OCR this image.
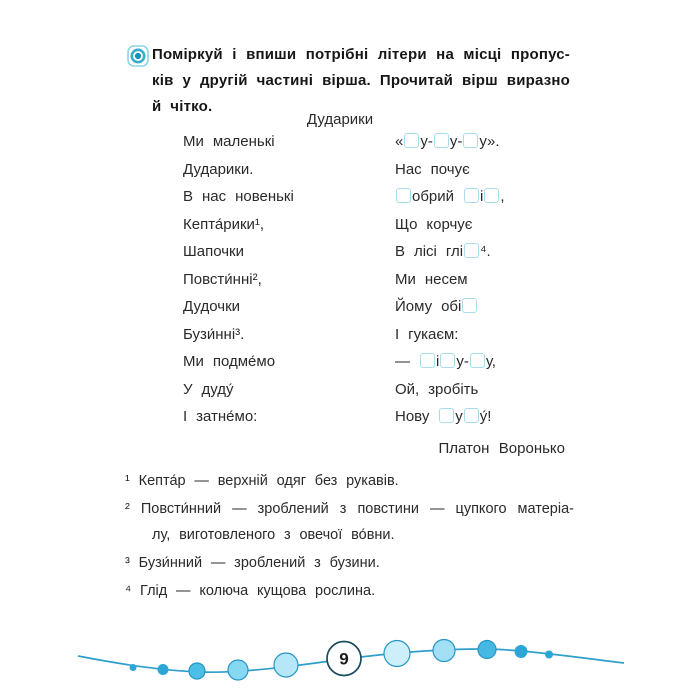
Поміркуй і впиши потрібні літери на місці пропус-
ків у другій частині вірша. Прочитай вірш виразно
й чітко.
Дударики
Ми маленькі	« у- у- у».
Дударики.	Нас почує
В нас новенькі	обрий і ,
Кепта́рики¹,	Що корчує
Шапочки	В лісі глі ⁴.
Повсти́нні²,	Ми несем
Дудочки	Йому обі
Бузи́нні³.	І гукаєм:
Ми подме́мо	— і у- у,
У дуду́	Ой, зробіть
І затне́мо:	Нову у у́!
Платон Воронько
¹ Кепта́р — верхній одяг без рукавів.
² Повсти́нний — зроблений з повстини — цупкого матеріа-
лу, виготовленого з овечої во́вни.
³ Бузи́нний — зроблений з бузини.
⁴ Глід — колюча кущова рослина.
9
